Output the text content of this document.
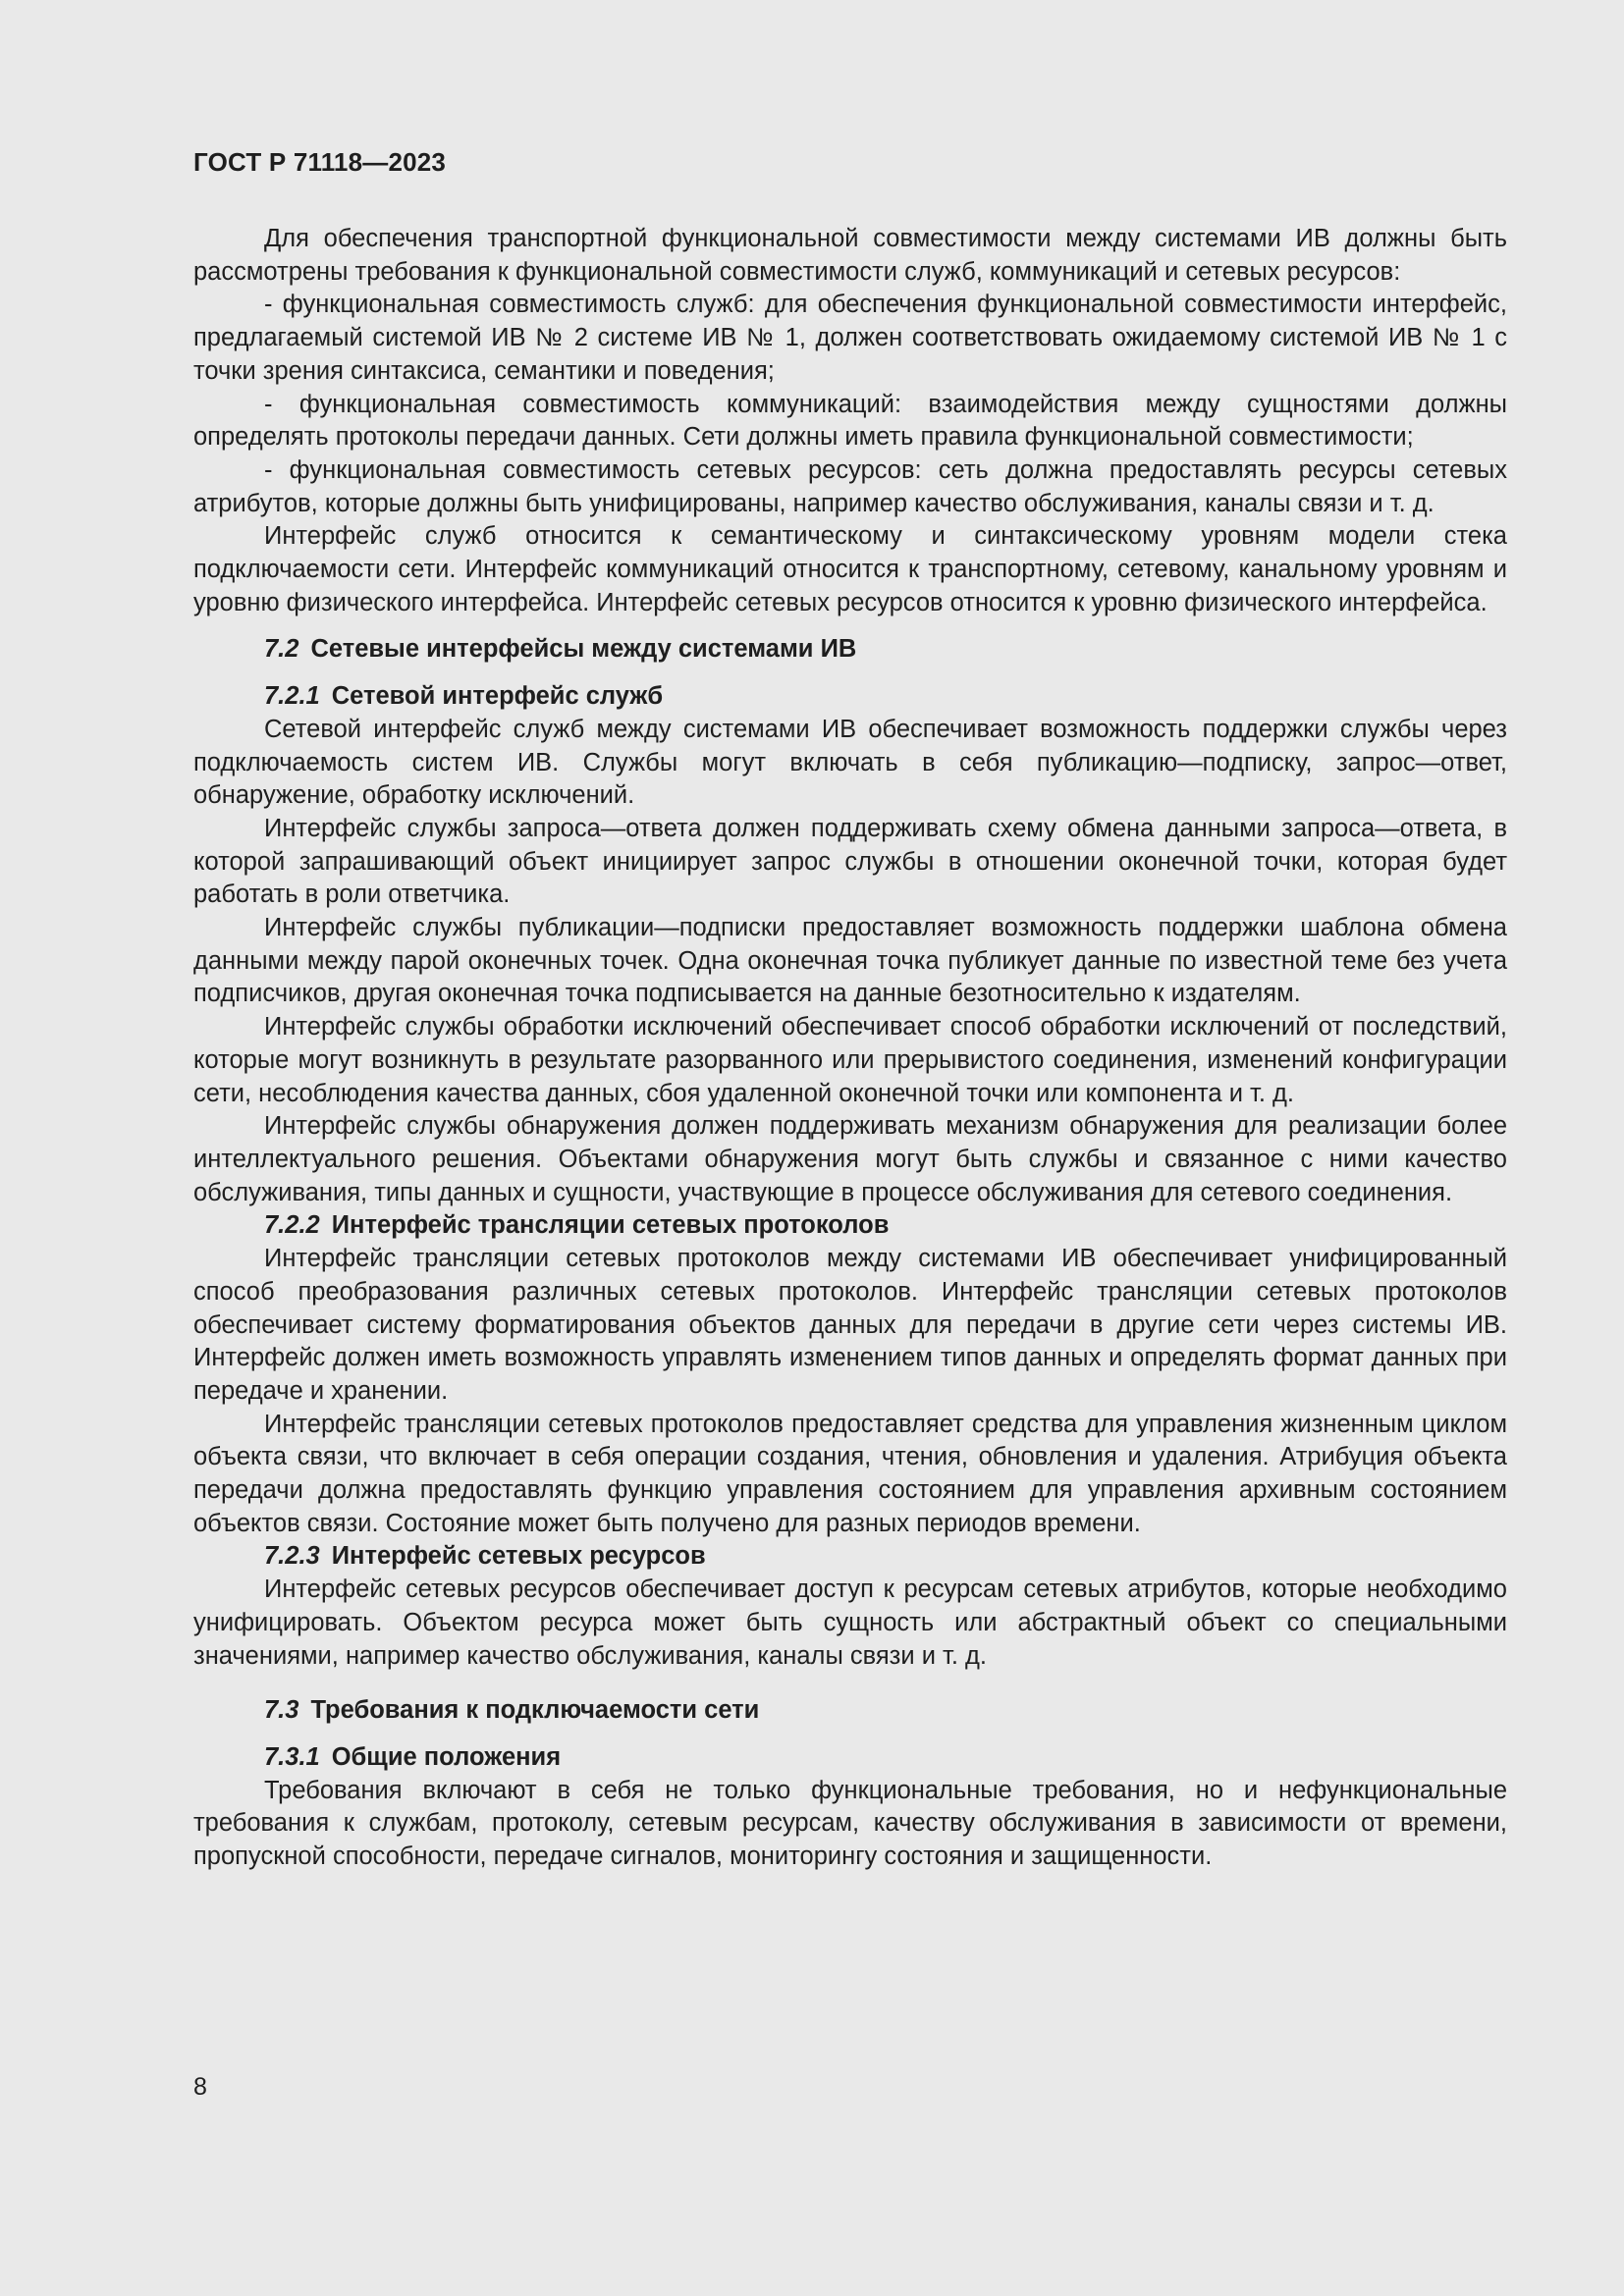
ГОСТ Р 71118—2023

Для обеспечения транспортной функциональной совместимости между системами ИВ должны быть рассмотрены требования к функциональной совместимости служб, коммуникаций и сетевых ресурсов:

- функциональная совместимость служб: для обеспечения функциональной совместимости интерфейс, предлагаемый системой ИВ № 2 системе ИВ № 1, должен соответствовать ожидаемому системой ИВ № 1 с точки зрения синтаксиса, семантики и поведения;

- функциональная совместимость коммуникаций: взаимодействия между сущностями должны определять протоколы передачи данных. Сети должны иметь правила функциональной совместимости;

- функциональная совместимость сетевых ресурсов: сеть должна предоставлять ресурсы сетевых атрибутов, которые должны быть унифицированы, например качество обслуживания, каналы связи и т. д.

Интерфейс служб относится к семантическому и синтаксическому уровням модели стека подключаемости сети. Интерфейс коммуникаций относится к транспортному, сетевому, канальному уровням и уровню физического интерфейса. Интерфейс сетевых ресурсов относится к уровню физического интерфейса.

7.2 Сетевые интерфейсы между системами ИВ
7.2.1 Сетевой интерфейс служб

Сетевой интерфейс служб между системами ИВ обеспечивает возможность поддержки службы через подключаемость систем ИВ. Службы могут включать в себя публикацию—подписку, запрос—ответ, обнаружение, обработку исключений.

Интерфейс службы запроса—ответа должен поддерживать схему обмена данными запроса—ответа, в которой запрашивающий объект инициирует запрос службы в отношении оконечной точки, которая будет работать в роли ответчика.

Интерфейс службы публикации—подписки предоставляет возможность поддержки шаблона обмена данными между парой оконечных точек. Одна оконечная точка публикует данные по известной теме без учета подписчиков, другая оконечная точка подписывается на данные безотносительно к издателям.

Интерфейс службы обработки исключений обеспечивает способ обработки исключений от последствий, которые могут возникнуть в результате разорванного или прерывистого соединения, изменений конфигурации сети, несоблюдения качества данных, сбоя удаленной оконечной точки или компонента и т. д.

Интерфейс службы обнаружения должен поддерживать механизм обнаружения для реализации более интеллектуального решения. Объектами обнаружения могут быть службы и связанное с ними качество обслуживания, типы данных и сущности, участвующие в процессе обслуживания для сетевого соединения.

7.2.2 Интерфейс трансляции сетевых протоколов

Интерфейс трансляции сетевых протоколов между системами ИВ обеспечивает унифицированный способ преобразования различных сетевых протоколов. Интерфейс трансляции сетевых протоколов обеспечивает систему форматирования объектов данных для передачи в другие сети через системы ИВ. Интерфейс должен иметь возможность управлять изменением типов данных и определять формат данных при передаче и хранении.

Интерфейс трансляции сетевых протоколов предоставляет средства для управления жизненным циклом объекта связи, что включает в себя операции создания, чтения, обновления и удаления. Атрибуция объекта передачи должна предоставлять функцию управления состоянием для управления архивным состоянием объектов связи. Состояние может быть получено для разных периодов времени.

7.2.3 Интерфейс сетевых ресурсов

Интерфейс сетевых ресурсов обеспечивает доступ к ресурсам сетевых атрибутов, которые необходимо унифицировать. Объектом ресурса может быть сущность или абстрактный объект со специальными значениями, например качество обслуживания, каналы связи и т. д.

7.3 Требования к подключаемости сети
7.3.1 Общие положения

Требования включают в себя не только функциональные требования, но и нефункциональные требования к службам, протоколу, сетевым ресурсам, качеству обслуживания в зависимости от времени, пропускной способности, передаче сигналов, мониторингу состояния и защищенности.

8
